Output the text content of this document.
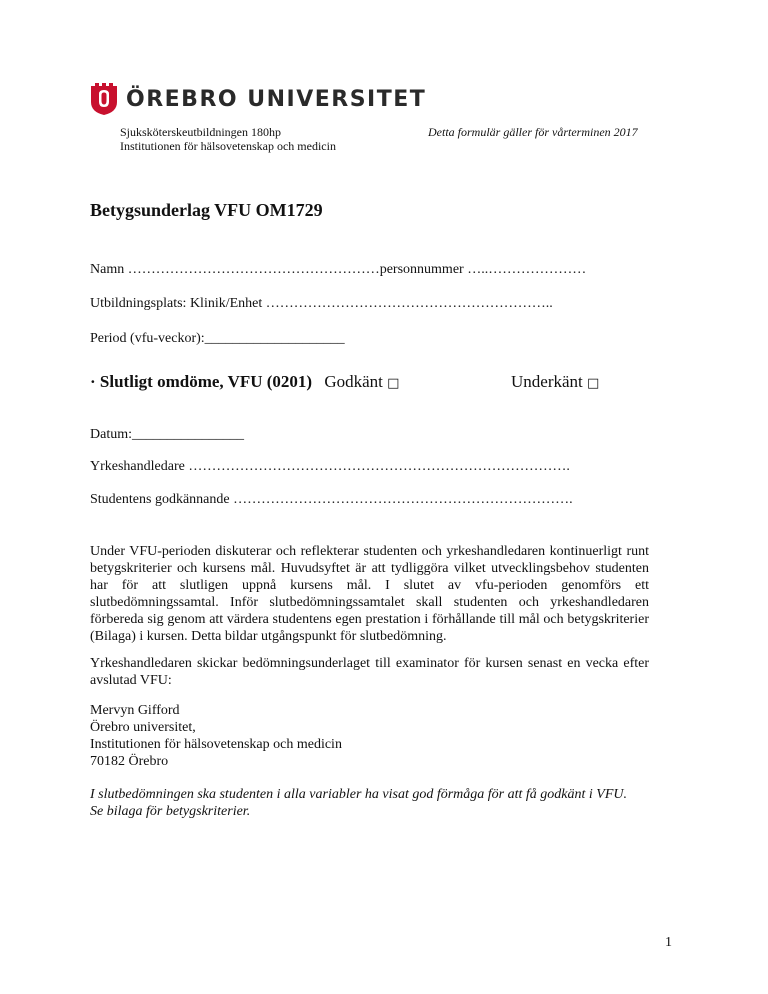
ÖREBRO UNIVERSITET
Sjuksköterskeutbildningen 180hp
Institutionen för hälsovetenskap och medicin
Detta formulär gäller för vårterminen 2017
Betygsunderlag VFU OM1729
Namn ………………………………………………personnummer …..…………………
Utbildningsplats: Klinik/Enhet ……………………………………………………..
Period (vfu-veckor):____________________
· Slutligt omdöme, VFU (0201) Godkänt □	Underkänt □
Datum:________________
Yrkeshandledare ……………………………………………………………………….
Studentens godkännande ……………………………………………………………….
Under VFU-perioden diskuterar och reflekterar studenten och yrkeshandledaren kontinuerligt runt betygskriterier och kursens mål. Huvudsyftet är att tydliggöra vilket utvecklingsbehov studenten har för att slutligen uppnå kursens mål. I slutet av vfu-perioden genomförs ett slutbedömningssamtal. Inför slutbedömningssamtalet skall studenten och yrkeshandledaren förbereda sig genom att värdera studentens egen prestation i förhållande till mål och betygskriterier (Bilaga) i kursen. Detta bildar utgångspunkt för slutbedömning.
Yrkeshandledaren skickar bedömningsunderlaget till examinator för kursen senast en vecka efter avslutad VFU:
Mervyn Gifford
Örebro universitet,
Institutionen för hälsovetenskap och medicin
70182 Örebro
I slutbedömningen ska studenten i alla variabler ha visat god förmåga för att få godkänt i VFU. Se bilaga för betygskriterier.
1
